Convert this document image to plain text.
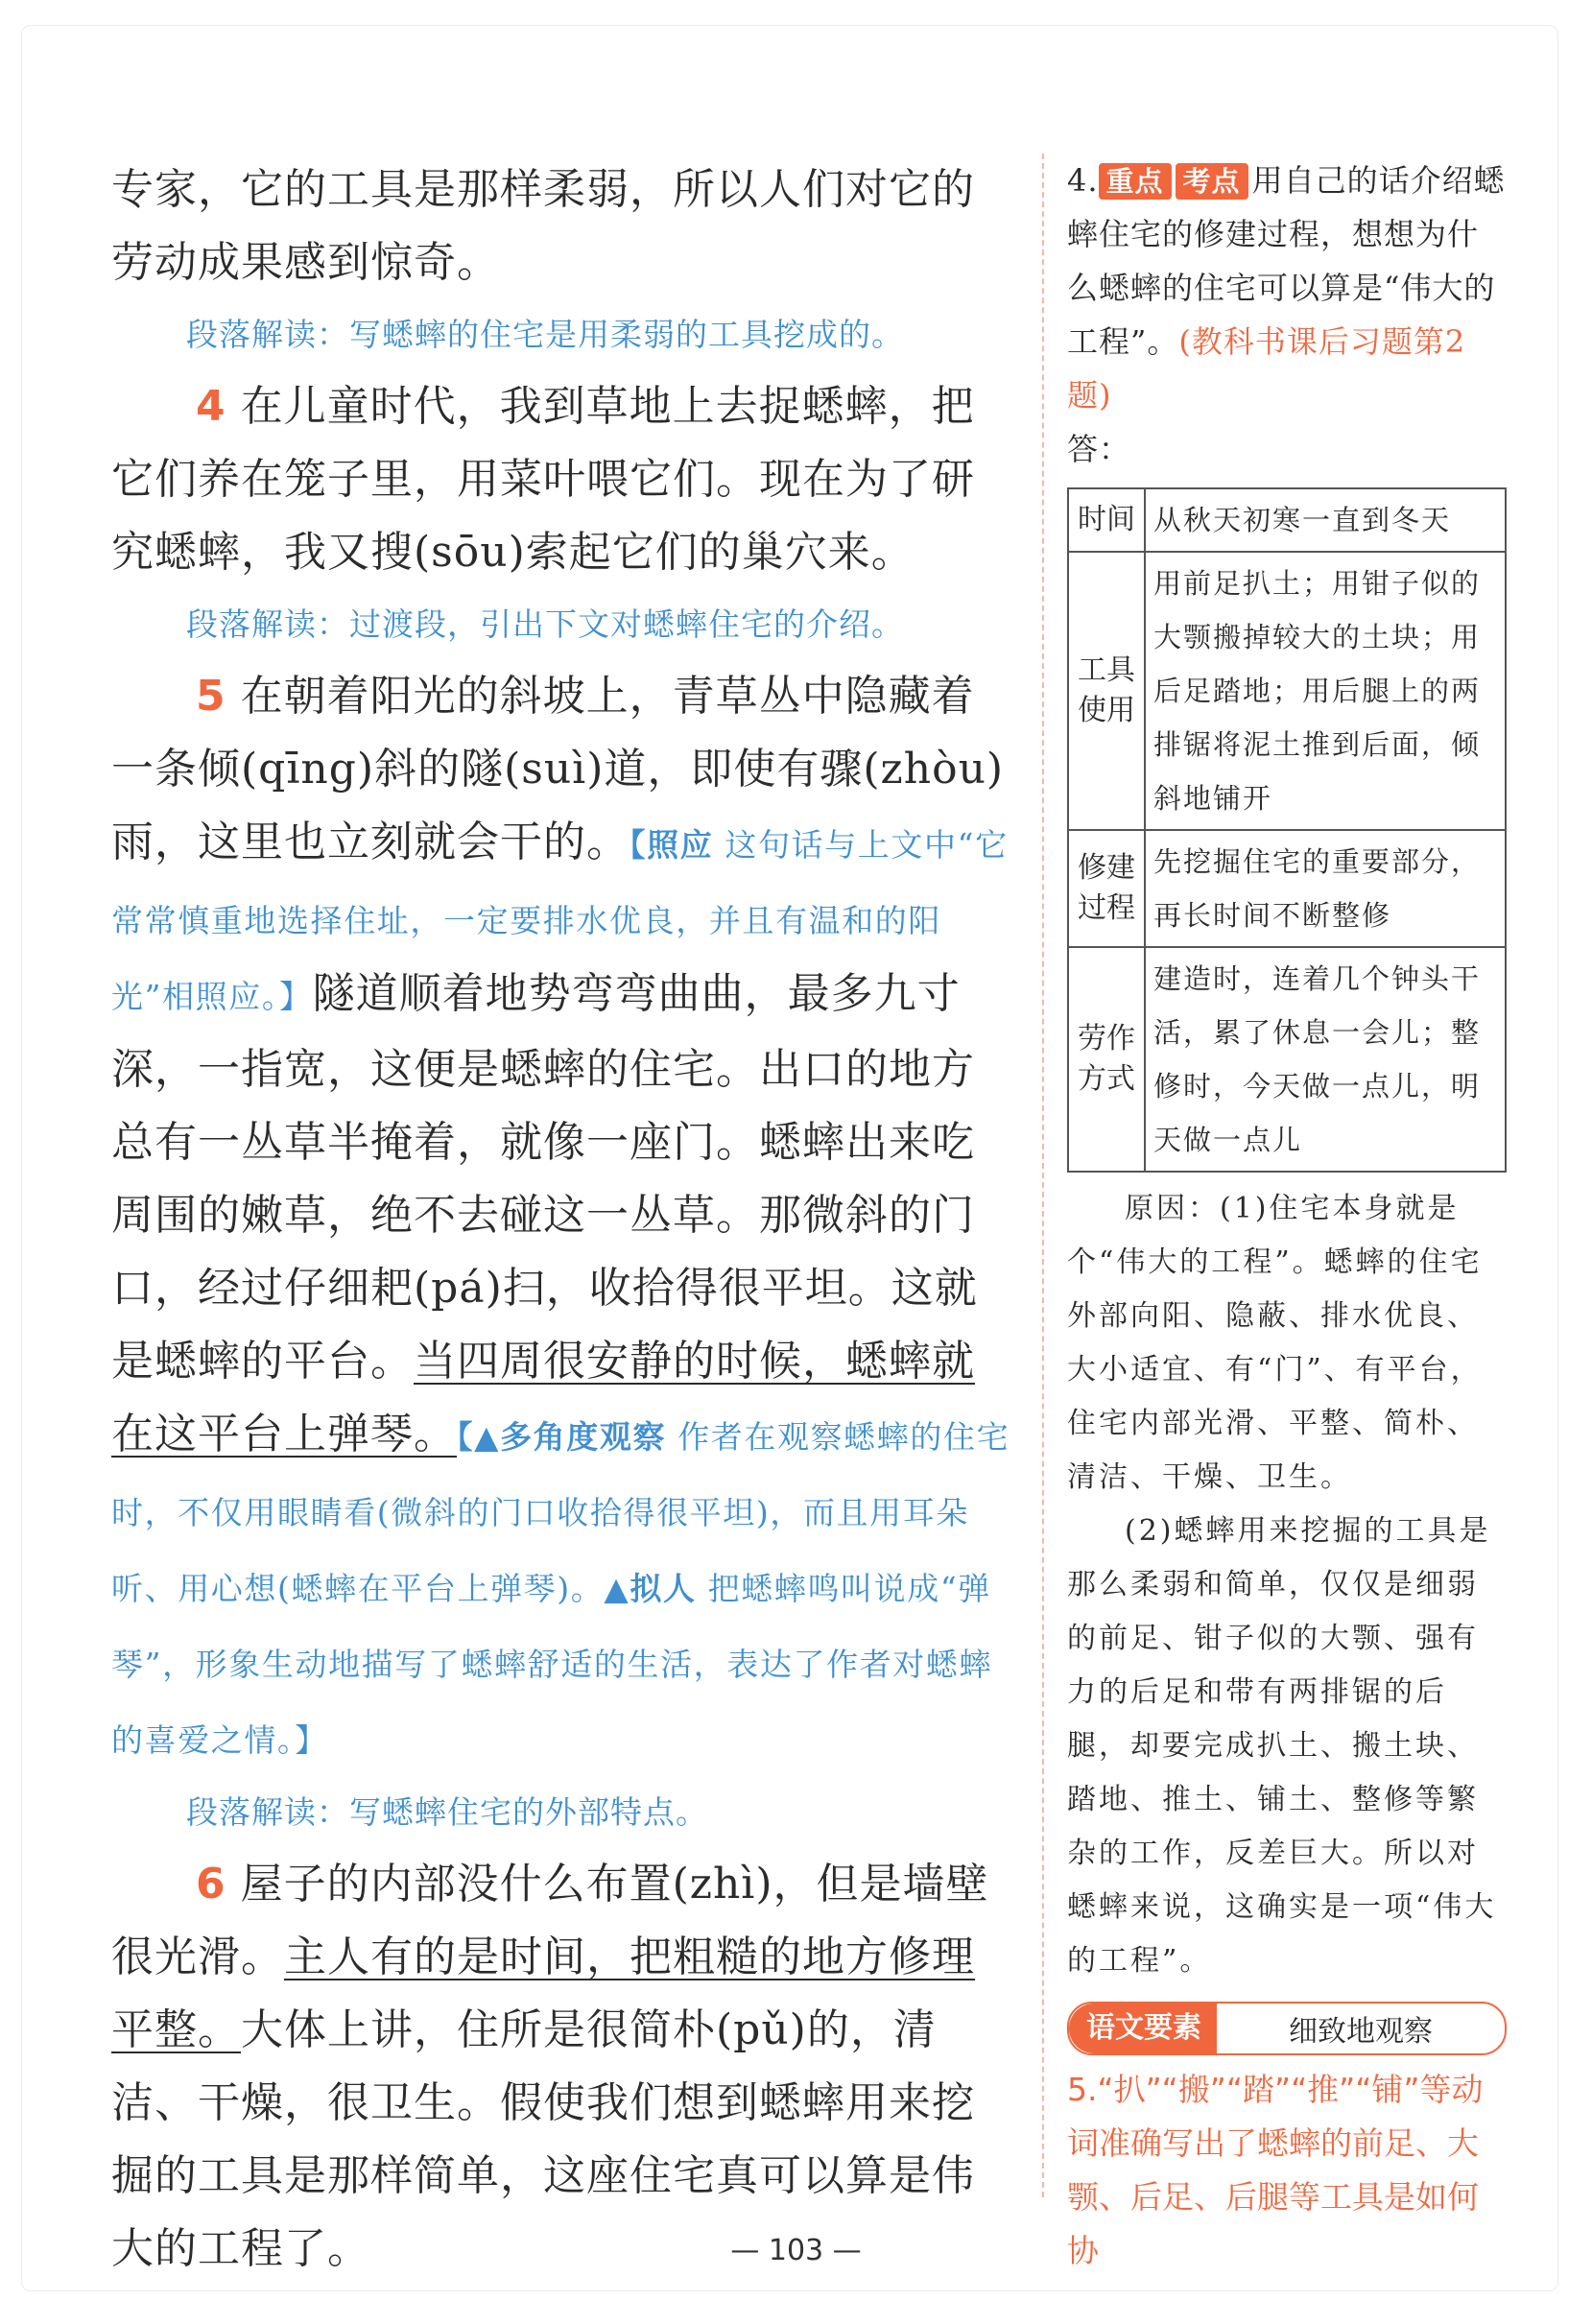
专家，它的工具是那样柔弱，所以人们对它的劳动成果感到惊奇。

段落解读：写蟋蟀的住宅是用柔弱的工具挖成的。

4 在儿童时代，我到草地上去捉蟋蟀，把它们养在笼子里，用菜叶喂它们。现在为了研究蟋蟀，我又搜(sōu)索起它们的巢穴来。

段落解读：过渡段，引出下文对蟋蟀住宅的介绍。

5 在朝着阳光的斜坡上，青草丛中隐藏着一条倾(qīng)斜的隧(suì)道，即使有骤(zhòu)雨，这里也立刻就会干的。【照应 这句话与上文中“它常常慎重地选择住址，一定要排水优良，并且有温和的阳光”相照应。】隧道顺着地势弯弯曲曲，最多九寸深，一指宽，这便是蟋蟀的住宅。出口的地方总有一丛草半掩着，就像一座门。蟋蟀出来吃周围的嫩草，绝不去碰这一丛草。那微斜的门口，经过仔细耙(pá)扫，收拾得很平坦。这就是蟋蟀的平台。当四周很安静的时候，蟋蟀就在这平台上弹琴。【▲多角度观察 作者在观察蟋蟀的住宅时，不仅用眼睛看(微斜的门口收拾得很平坦)，而且用耳朵听、用心想(蟋蟀在平台上弹琴)。▲拟人 把蟋蟀鸣叫说成“弹琴”，形象生动地描写了蟋蟀舒适的生活，表达了作者对蟋蟀的喜爱之情。】

段落解读：写蟋蟀住宅的外部特点。

6 屋子的内部没什么布置(zhì)，但是墙壁很光滑。主人有的是时间，把粗糙的地方修理平整。大体上讲，住所是很简朴(pǔ)的，清洁、干燥，很卫生。假使我们想到蟋蟀用来挖掘的工具是那样简单，这座住宅真可以算是伟大的工程了。

4. 重点 考点 用自己的话介绍蟋蟀住宅的修建过程，想想为什么蟋蟀的住宅可以算是“伟大的工程”。(教科书课后习题第2题)

答：

时间	从秋天初寒一直到冬天
工具使用	用前足扒土；用钳子似的大颚搬掉较大的土块；用后足踏地；用后腿上的两排锯将泥土推到后面，倾斜地铺开
修建过程	先挖掘住宅的重要部分，再长时间不断整修
劳作方式	建造时，连着几个钟头干活，累了休息一会儿；整修时，今天做一点儿，明天做一点儿

原因：(1)住宅本身就是个“伟大的工程”。蟋蟀的住宅外部向阳、隐蔽、排水优良、大小适宜、有“门”、有平台，住宅内部光滑、平整、简朴、清洁、干燥、卫生。

(2)蟋蟀用来挖掘的工具是那么柔弱和简单，仅仅是细弱的前足、钳子似的大颚、强有力的后足和带有两排锯的后腿，却要完成扒土、搬土块、踏地、推土、铺土、整修等繁杂的工作，反差巨大。所以对蟋蟀来说，这确实是一项“伟大的工程”。

语文要素	细致地观察

5.“扒”“搬”“踏”“推”“铺”等动词准确写出了蟋蟀的前足、大颚、后足、后腿等工具是如何协

— 103 —
